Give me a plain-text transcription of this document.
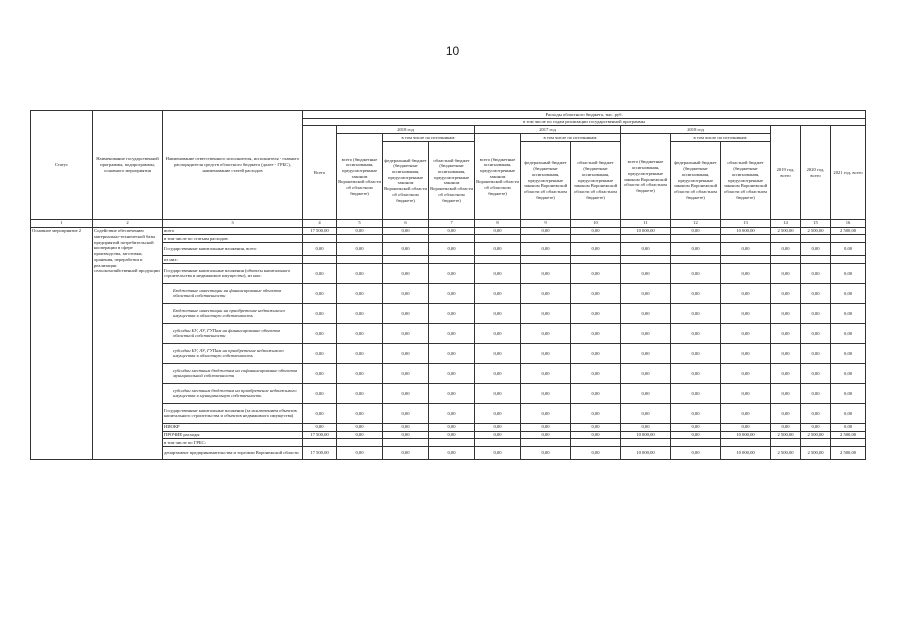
10
Статус	Наименование государственной программы, подпрограммы, основного мероприятия	Наименование ответственного исполнителя, исполнителя - главного распорядителя средств областного бюджета (далее - ГРБС), наименование статей расходов	Расходы областного бюджета, тыс. руб.												
			в том числе по годам реализации государственной программы												
			Всего	2018 год			2017 год			2018 год			2019 год, всего	2020 год, всего	2021 год, всего
				всего (бюджетные ассигнования, предусмотренные законом Воронежской области об областном бюджете)	в том числе по источникам:		всего (бюджетные ассигнования, предусмотренные законом Воронежской области об областном бюджете)	в том числе по источникам:		всего (бюджетные ассигнования, предусмотренные законом Воронежской области об областном бюджете)	в том числе по источникам:				
					федеральный бюджет (бюджетные ассигнования, предусмотренные законом Воронежской области об областном бюджете)	областной бюджет (бюджетные ассигнования, предусмотренные законом Воронежской области об областном бюджете)		федеральный бюджет (бюджетные ассигнования, предусмотренные законом Воронежской области об областном бюджете)	областной бюджет (бюджетные ассигнования, предусмотренные законом Воронежской области об областном бюджете)		федеральный бюджет (бюджетные ассигнования, предусмотренные законом Воронежской области об областном бюджете)	областной бюджет (бюджетные ассигнования, предусмотренные законом Воронежской области об областном бюджете)			
1	2	3	4	5	6	7	8	9	10	11	12	13	14	15	16
Основное мероприятие 2	Содействие обеспечению материально-технической базы предприятий потребительской кооперации в сфере производства, заготовки, хранения, переработки и реализации сельскохозяйственной продукции	всего	17 500,00	0,00	0,00	0,00	0,00	0,00	0,00	10 000,00	0,00	10 000,00	2 500,00	2 500,00	2 500,00
		в том числе по статьям расходов:													
		Государственные капитальные вложения, всего	0,00	0,00	0,00	0,00	0,00	0,00	0,00	0,00	0,00	0,00	0,00	0,00	0,00
		из них:													
		Государственные капитальные вложения (объекты капитального строительства и недвижимое имущество), из них:	0,00	0,00	0,00	0,00	0,00	0,00	0,00	0,00	0,00	0,00	0,00	0,00	0,00
		Бюджетные инвестиции на финансирование объектов областной собственности	0,00	0,00	0,00	0,00	0,00	0,00	0,00	0,00	0,00	0,00	0,00	0,00	0,00
		Бюджетные инвестиции на приобретение недвижимого имущества в областную собственность	0,00	0,00	0,00	0,00	0,00	0,00	0,00	0,00	0,00	0,00	0,00	0,00	0,00
		субсидии БУ, АУ, ГУПам на финансирование объектов областной собственности	0,00	0,00	0,00	0,00	0,00	0,00	0,00	0,00	0,00	0,00	0,00	0,00	0,00
		субсидии БУ, АУ, ГУПам на приобретение недвижимого имущества в областную собственность	0,00	0,00	0,00	0,00	0,00	0,00	0,00	0,00	0,00	0,00	0,00	0,00	0,00
		субсидии местным бюджетам на софинансирование объектов муниципальной собственности	0,00	0,00	0,00	0,00	0,00	0,00	0,00	0,00	0,00	0,00	0,00	0,00	0,00
		субсидии местным бюджетам на приобретение недвижимого имущества в муниципальную собственность	0,00	0,00	0,00	0,00	0,00	0,00	0,00	0,00	0,00	0,00	0,00	0,00	0,00
		Государственные капитальные вложения (за исключением объектов капитального строительства и объектов недвижимого имущества)	0,00	0,00	0,00	0,00	0,00	0,00	0,00	0,00	0,00	0,00	0,00	0,00	0,00
		НИОКР	0,00	0,00	0,00	0,00	0,00	0,00	0,00	0,00	0,00	0,00	0,00	0,00	0,00
		ПРОЧИЕ расходы	17 500,00	0,00	0,00	0,00	0,00	0,00	0,00	10 000,00	0,00	10 000,00	2 500,00	2 500,00	2 500,00
		в том числе по ГРБС:													
		департамент предпринимательства и торговли Воронежской области	17 500,00	0,00	0,00	0,00	0,00	0,00	0,00	10 000,00	0,00	10 000,00	2 500,00	2 500,00	2 500,00
